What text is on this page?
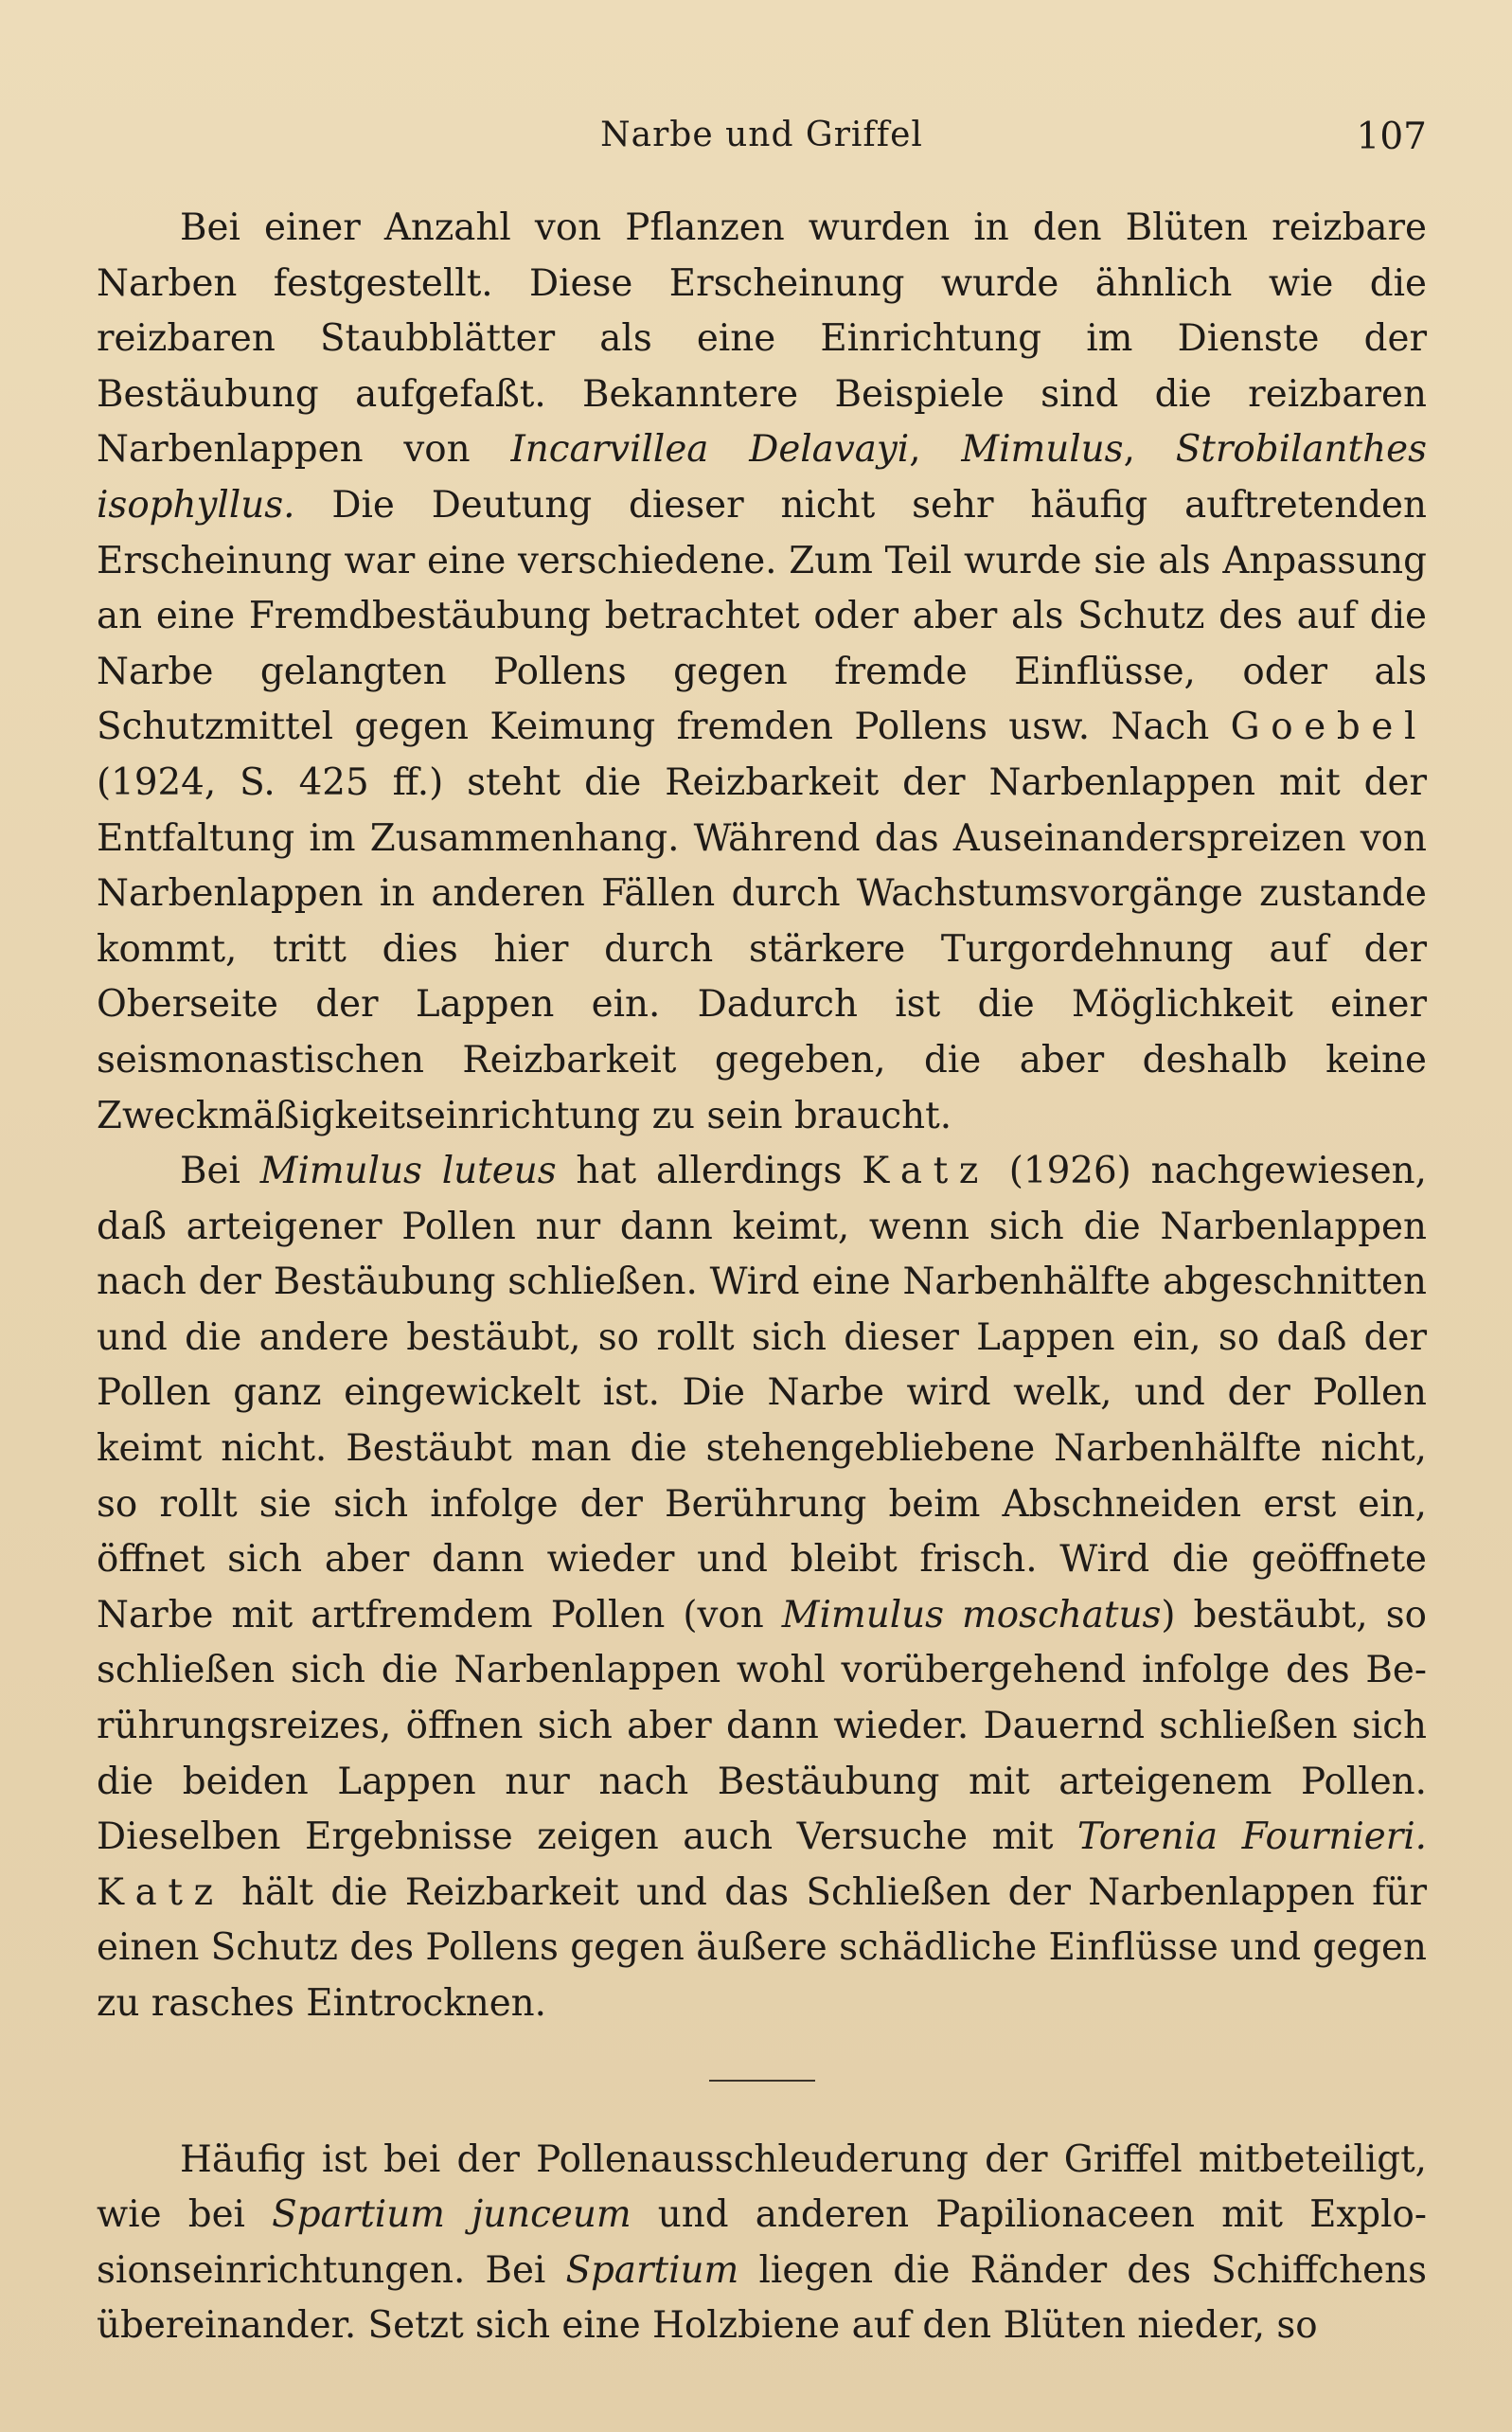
Narbe und Griffel	107

Bei einer Anzahl von Pflanzen wurden in den Blüten reizbare Narben festgestellt. Diese Erscheinung wurde ähnlich wie die reizbaren Staubblätter als eine Einrichtung im Dienste der Bestäubung aufgefaßt. Bekanntere Beispiele sind die reizbaren Narbenlappen von Incarvillea Delavayi, Mimulus, Strobilanthes isophyllus. Die Deutung dieser nicht sehr häufig auftretenden Erscheinung war eine verschiedene. Zum Teil wurde sie als Anpassung an eine Fremdbestäubung betrachtet oder aber als Schutz des auf die Narbe gelangten Pollens gegen fremde Einflüsse, oder als Schutzmittel gegen Keimung fremden Pollens usw. Nach Goebel (1924, S. 425 ff.) steht die Reizbarkeit der Narbenlappen mit der Entfaltung im Zusammenhang. Während das Auseinanderspreizen von Narbenlappen in anderen Fällen durch Wachstumsvorgänge zustande kommt, tritt dies hier durch stärkere Turgordehnung auf der Oberseite der Lappen ein. Dadurch ist die Möglichkeit einer seismonastischen Reizbarkeit gegeben, die aber deshalb keine Zweckmäßigkeitseinrichtung zu sein braucht.

Bei Mimulus luteus hat allerdings Katz (1926) nachgewiesen, daß arteigener Pollen nur dann keimt, wenn sich die Narbenlappen nach der Bestäubung schließen. Wird eine Narbenhälfte abgeschnitten und die andere bestäubt, so rollt sich dieser Lappen ein, so daß der Pollen ganz eingewickelt ist. Die Narbe wird welk, und der Pollen keimt nicht. Bestäubt man die stehengebliebene Narbenhälfte nicht, so rollt sie sich infolge der Berührung beim Abschneiden erst ein, öffnet sich aber dann wieder und bleibt frisch. Wird die geöffnete Narbe mit artfremdem Pollen (von Mimulus moschatus) bestäubt, so schließen sich die Narbenlappen wohl vorübergehend infolge des Berührungsreizes, öffnen sich aber dann wieder. Dauernd schließen sich die beiden Lappen nur nach Bestäubung mit arteigenem Pollen. Dieselben Ergebnisse zeigen auch Versuche mit Torenia Fournieri. Katz hält die Reizbarkeit und das Schließen der Narbenlappen für einen Schutz des Pollens gegen äußere schädliche Einflüsse und gegen zu rasches Eintrocknen.

Häufig ist bei der Pollenausschleuderung der Griffel mitbeteiligt, wie bei Spartium junceum und anderen Papilionaceen mit Explosionseinrichtungen. Bei Spartium liegen die Ränder des Schiffchens übereinander. Setzt sich eine Holzbiene auf den Blüten nieder, so
